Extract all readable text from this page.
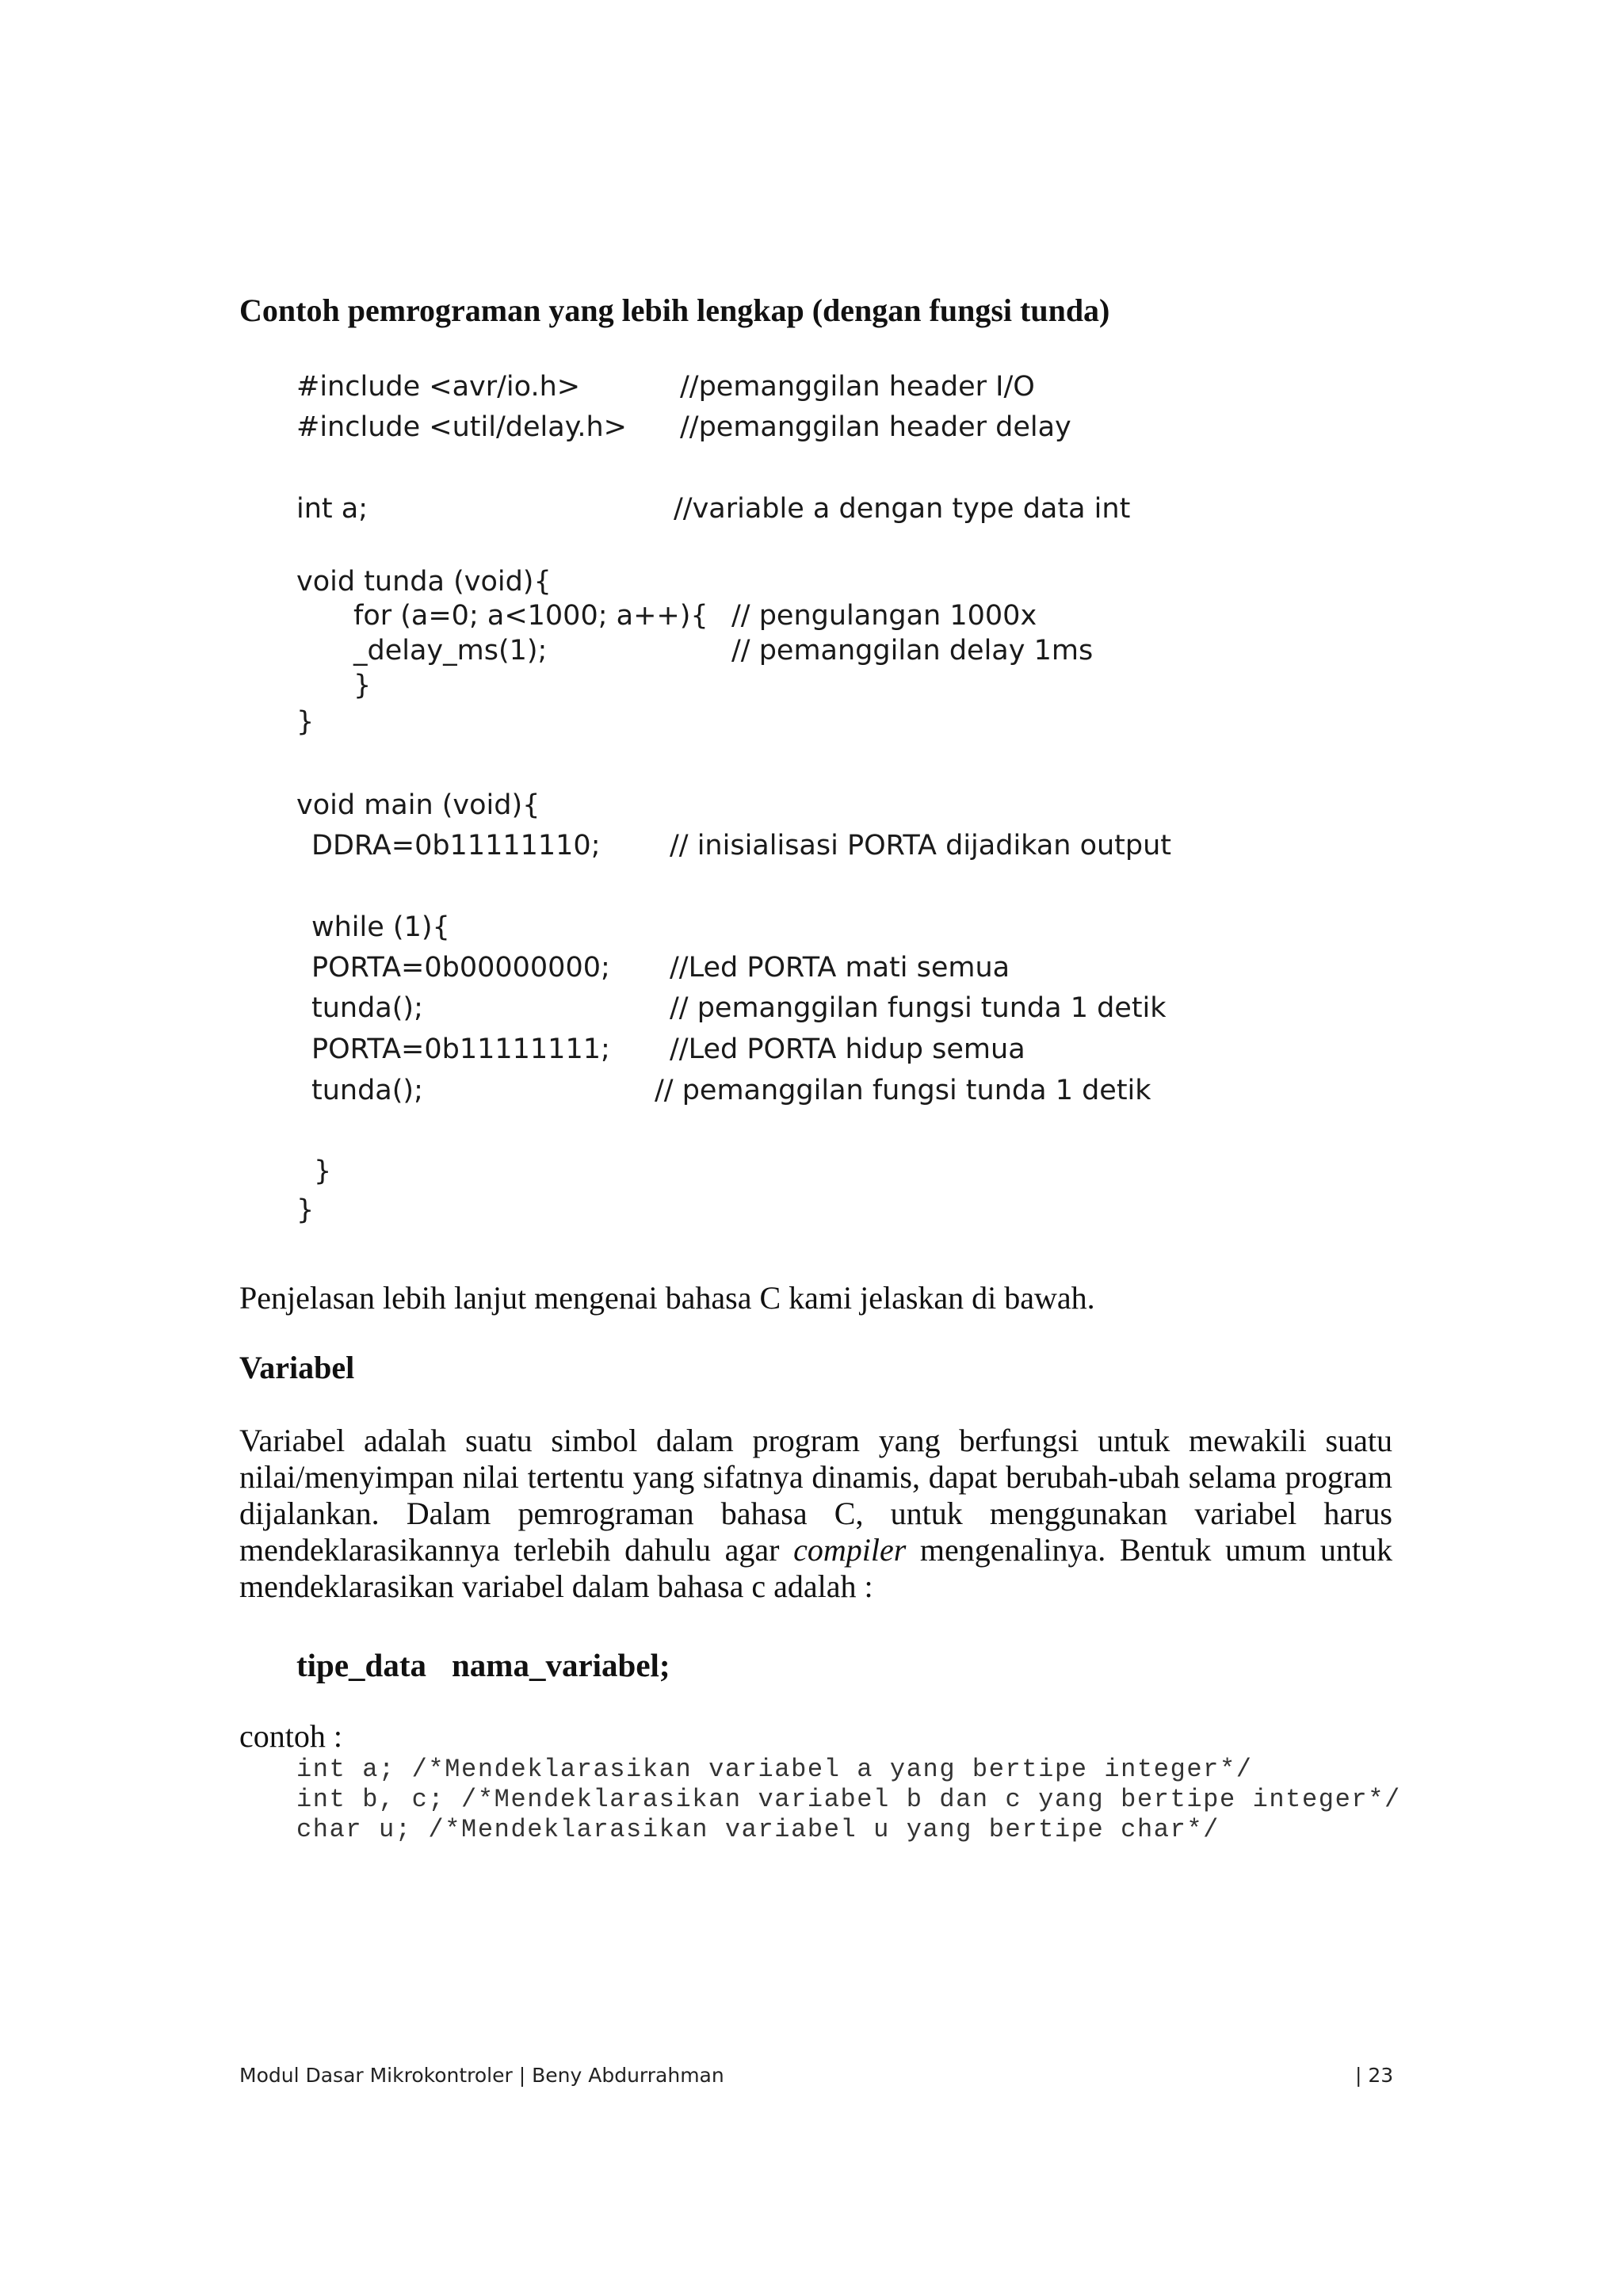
Contoh pemrograman yang lebih lengkap (dengan fungsi tunda)
#include <avr/io.h>	//pemanggilan header I/O
#include <util/delay.h> //pemanggilan header delay
int a;	//variable a dengan type data int
void tunda (void){
for (a=0; a<1000; a++){ // pengulangan 1000x
_delay_ms(1);	// pemanggilan delay 1ms
}
}
void main (void){
DDRA=0b11111110;	// inisialisasi PORTA dijadikan output
while (1){
PORTA=0b00000000; //Led PORTA mati semua
tunda();	// pemanggilan fungsi tunda 1 detik
PORTA=0b11111111; //Led PORTA hidup semua
tunda();	// pemanggilan fungsi tunda 1 detik
}
}
Penjelasan lebih lanjut mengenai bahasa C kami jelaskan di bawah.
Variabel
Variabel adalah suatu simbol dalam program yang berfungsi untuk mewakili suatu nilai/menyimpan nilai tertentu yang sifatnya dinamis, dapat berubah-ubah selama program dijalankan. Dalam pemrograman bahasa C, untuk menggunakan variabel harus mendeklarasikannya terlebih dahulu agar compiler mengenalinya. Bentuk umum untuk mendeklarasikan variabel dalam bahasa c adalah :
tipe_data nama_variabel;
contoh :
int a; /*Mendeklarasikan variabel a yang bertipe integer*/
int b, c; /*Mendeklarasikan variabel b dan c yang bertipe integer*/
char u; /*Mendeklarasikan variabel u yang bertipe char*/
Modul Dasar Mikrokontroler | Beny Abdurrahman	| 23
